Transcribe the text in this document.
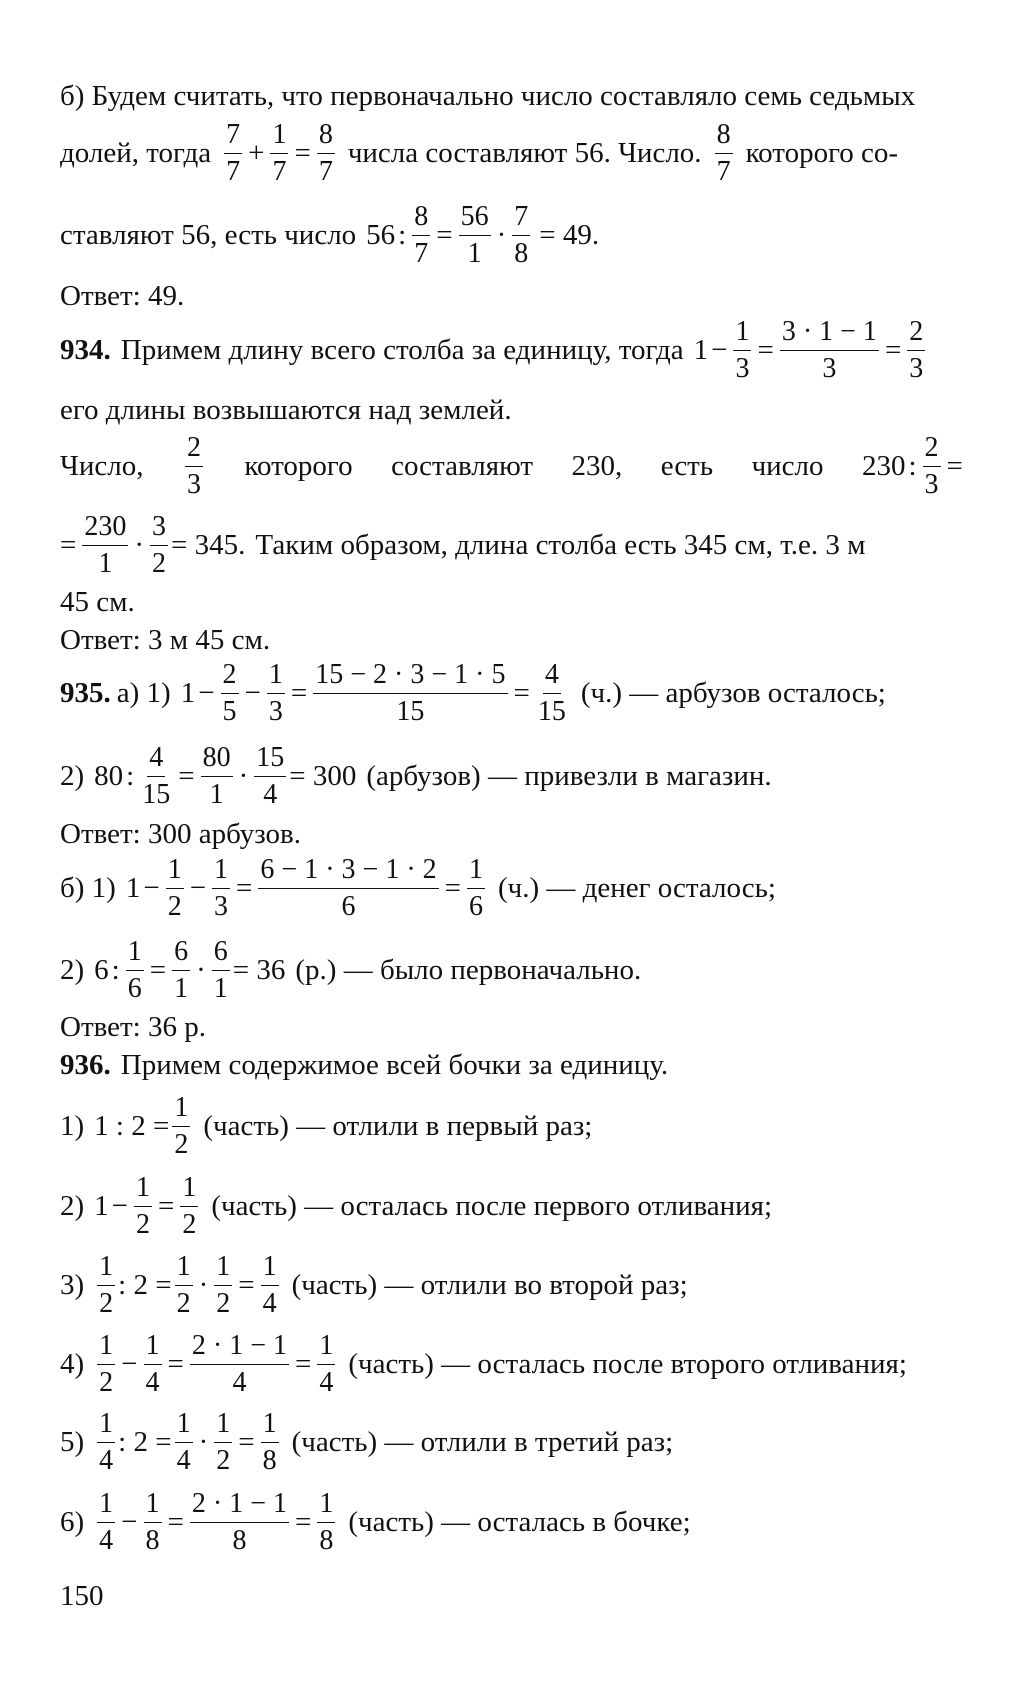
б) Будем считать, что первоначально число составляло семь седьмых
долей, тогда $\frac{7}{7} + \frac{1}{7} = \frac{8}{7}$ числа составляют 56. Число. $\frac{8}{7}$ которого со-
ставляют 56, есть число 56 : $\frac{8}{7} = \frac{56}{1} \cdot \frac{7}{8} = 49$.
Ответ: 49.
934. Примем длину всего столба за единицу, тогда $1 - \frac{1}{3} = \frac{3 \cdot 1 - 1}{3} = \frac{2}{3}$
его длины возвышаются над землей.
Число, $\frac{2}{3}$ которого составляют 230, есть число 230 : $\frac{2}{3}$ =
= $\frac{230}{1} \cdot \frac{3}{2} = 345$. Таким образом, длина столба есть 345 см, т.е. 3 м
45 см.
Ответ: 3 м 45 см.
935. а) 1) $1 - \frac{2}{5} - \frac{1}{3} = \frac{15 - 2 \cdot 3 - 1 \cdot 5}{15} = \frac{4}{15} (ч.)$ — арбузов осталось;
2) 80 : $\frac{4}{15} = \frac{80}{1} \cdot \frac{15}{4} = 300$ (арбузов) — привезли в магазин.
Ответ: 300 арбузов.
б) 1) $1 - \frac{1}{2} - \frac{1}{3} = \frac{6 - 1 \cdot 3 - 1 \cdot 2}{6} = \frac{1}{6} (ч.)$ — денег осталось;
2) 6 : $\frac{1}{6} = \frac{6}{1} \cdot \frac{6}{1} = 36$ (р.) — было первоначально.
Ответ: 36 р.
936. Примем содержимое всей бочки за единицу.
1) 1 : $2 = \frac{1}{2}$ (часть) — отлили в первый раз;
2) $1 - \frac{1}{2} = \frac{1}{2}$ (часть) — осталась после первого отливания;
$3) \frac{1}{2}$ : $2 = \frac{1}{2} \cdot \frac{1}{2} = \frac{1}{4}$ (часть) — отлили во второй раз;
$4) \frac{1}{2} - \frac{1}{4} = \frac{2 \cdot 1 - 1}{4} = \frac{1}{4}$ (часть) — осталась после второго отливания;
$5) \frac{1}{4}$ : $2 = \frac{1}{4} \cdot \frac{1}{2} = \frac{1}{8}$ (часть) — отлили в третий раз;
$6) \frac{1}{4} - \frac{1}{8} = \frac{2 \cdot 1 - 1}{8} = \frac{1}{8}$ (часть) — осталась в бочке;
150
